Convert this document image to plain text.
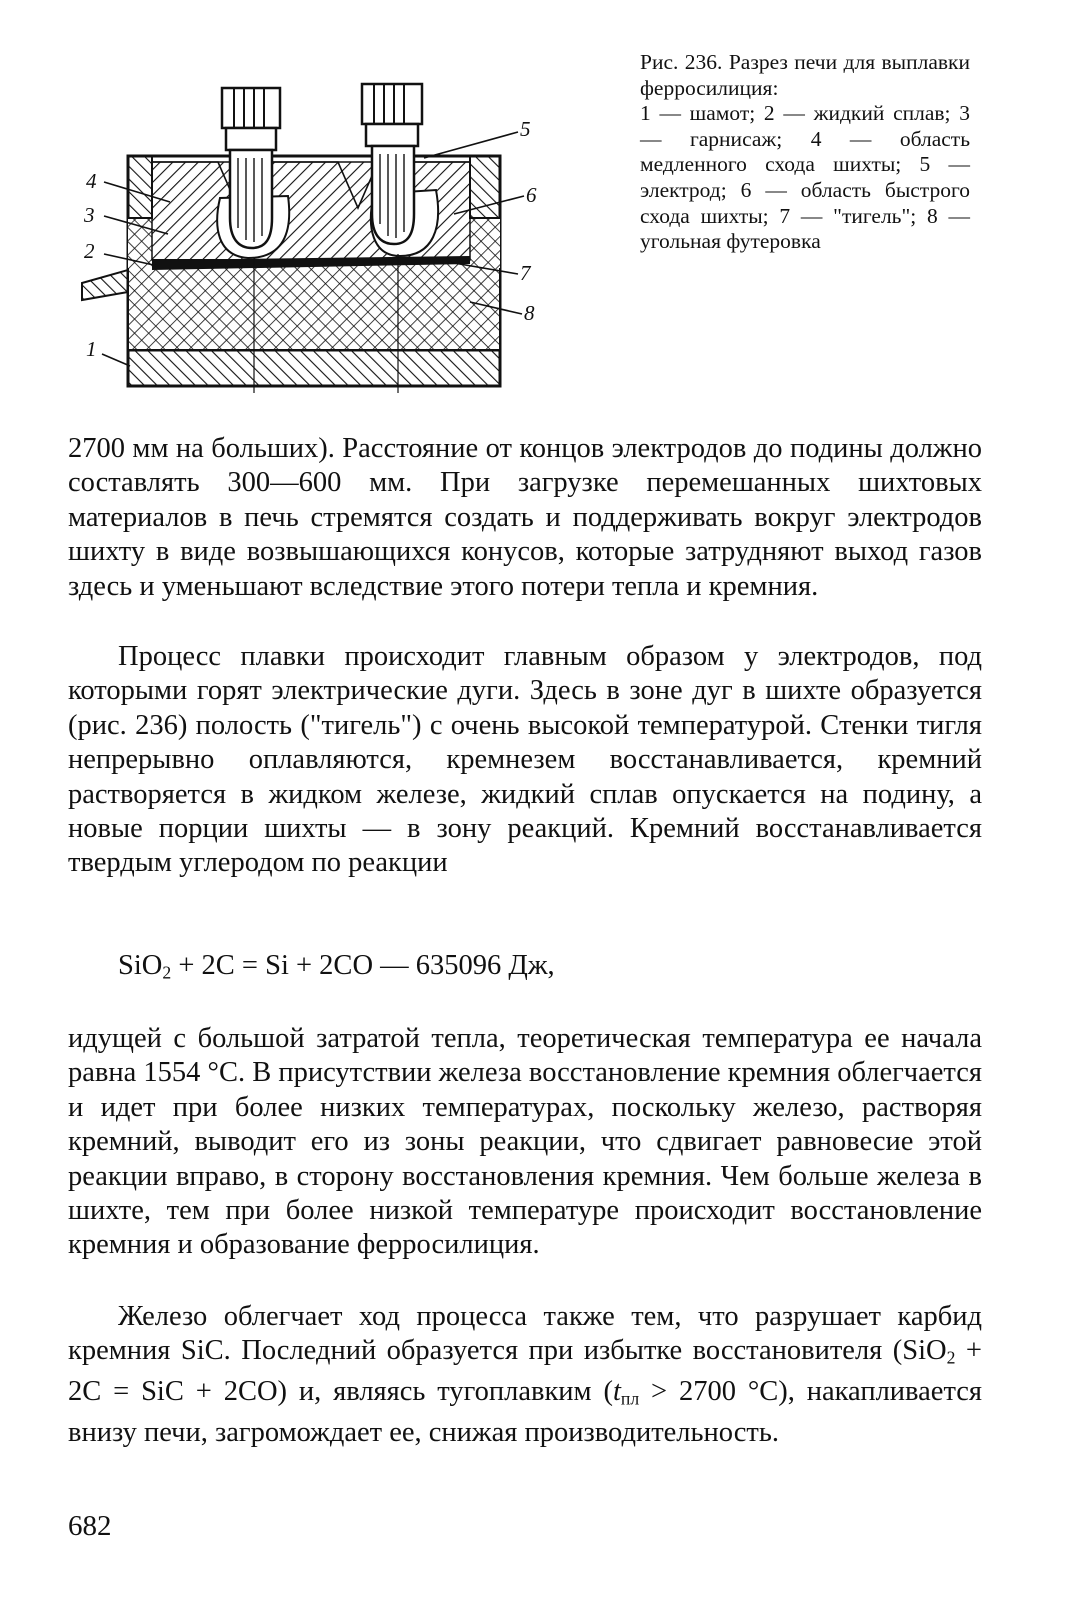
4
3
2
1
5
6
7
8

Рис. 236. Разрез печи для выплавки ферросилиция:

1 — шамот; 2 — жидкий сплав; 3 — гарнисаж; 4 — область медленного схода шихты; 5 — электрод; 6 — область быстрого схода шихты; 7 — "тигель"; 8 — угольная футеровка

2700 мм на больших). Расстояние от концов электродов до подины должно составлять 300—600 мм. При загрузке перемешанных шихтовых материалов в печь стремятся создать и поддерживать вокруг электродов шихту в виде возвышающихся конусов, которые затрудняют выход газов здесь и уменьшают вследствие этого потери тепла и кремния.

Процесс плавки происходит главным образом у электродов, под которыми горят электрические дуги. Здесь в зоне дуг в шихте образуется (рис. 236) полость ("тигель") с очень высокой температурой. Стенки тигля непрерывно оплавляются, кремнезем восстанавливается, кремний растворяется в жидком железе, жидкий сплав опускается на подину, а новые порции шихты — в зону реакций. Кремний восстанавливается твердым углеродом по реакции

SiO$_2$ + 2C = Si + 2CO — 635096 Дж,

идущей с большой затратой тепла, теоретическая температура ее начала равна 1554 °С. В присутствии железа восстановление кремния облегчается и идет при более низких температурах, поскольку железо, растворяя кремний, выводит его из зоны реакции, что сдвигает равновесие этой реакции вправо, в сторону восстановления кремния. Чем больше железа в шихте, тем при более низкой температуре происходит восстановление кремния и образование ферросилиция.

Железо облегчает ход процесса также тем, что разрушает карбид кремния SiC. Последний образуется при избытке восстановителя (SiO$_2$ + 2C = SiC + 2CO) и, являясь тугоплавким ($t_{пл} > 2700$ °С), накапливается внизу печи, загромождает ее, снижая производительность.

682
